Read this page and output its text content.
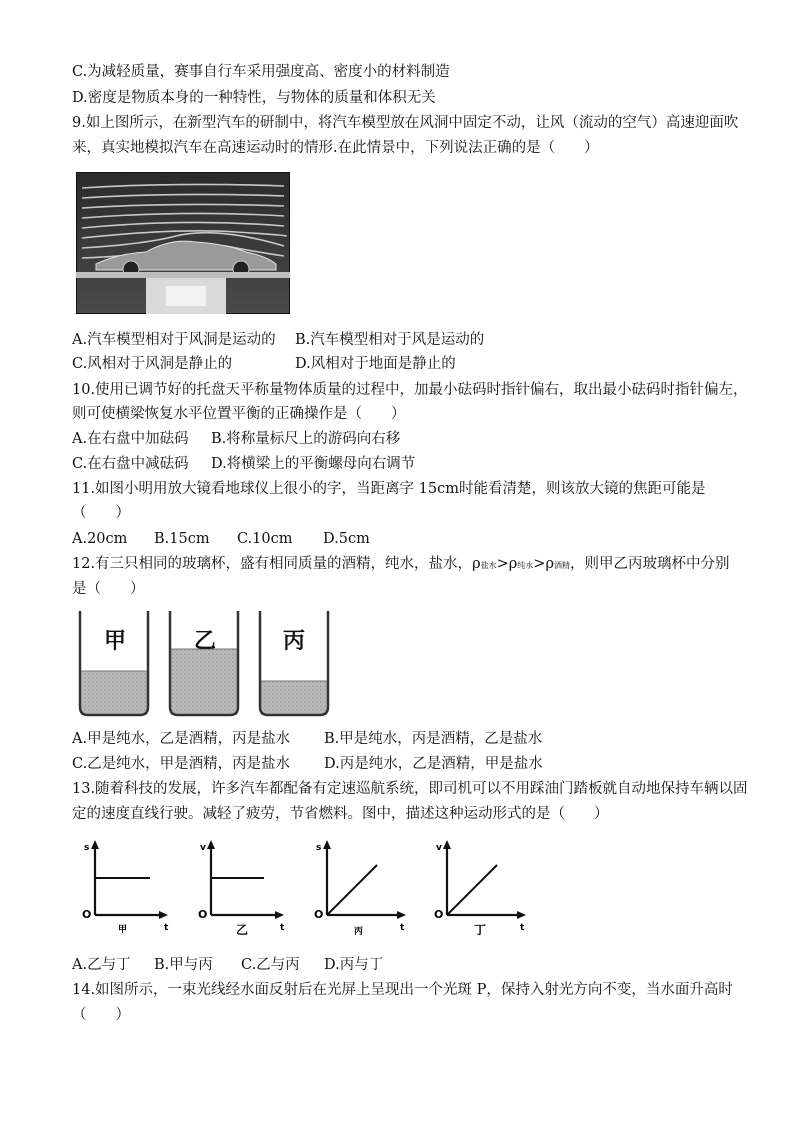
C.为减轻质量，赛事自行车采用强度高、密度小的材料制造
D.密度是物质本身的一种特性，与物体的质量和体积无关
9.如上图所示，在新型汽车的研制中，将汽车模型放在风洞中固定不动，让风（流动的空气）高速迎面吹
来，真实地模拟汽车在高速运动时的情形.在此情景中，下列说法正确的是（　　）
A.汽车模型相对于风洞是运动的 B.汽车模型相对于风是运动的
C.风相对于风洞是静止的	D.风相对于地面是静止的
10.使用已调节好的托盘天平称量物体质量的过程中，加最小砝码时指针偏右，取出最小砝码时指针偏左，
则可使横梁恢复水平位置平衡的正确操作是（　　）
A.在右盘中加砝码 B.将称量标尺上的游码向右移
C.在右盘中减砝码 D.将横梁上的平衡螺母向右调节
11.如图小明用放大镜看地球仪上很小的字，当距离字 15cm时能看清楚，则该放大镜的焦距可能是
（　　）
A.20cm B.15cm C.10cm D.5cm
12.有三只相同的玻璃杯，盛有相同质量的酒精，纯水，盐水，ρ盐水>ρ纯水>ρ酒精，则甲乙丙玻璃杯中分别
是（　　）
甲	乙	丙
A.甲是纯水，乙是酒精，丙是盐水 B.甲是纯水，丙是酒精，乙是盐水
C.乙是纯水，甲是酒精，丙是盐水 D.丙是纯水，乙是酒精，甲是盐水
13.随着科技的发展，许多汽车都配备有定速巡航系统，即司机可以不用踩油门踏板就自动地保持车辆以固
定的速度直线行驶。减轻了疲劳，节省燃料。图中，描述这种运动形式的是（　　）
s
O
t
甲
v
O
t
乙
s
O
t
丙
v
O
t
丁
A.乙与丁 B.甲与丙 C.乙与丙 D.丙与丁
14.如图所示，一束光线经水面反射后在光屏上呈现出一个光斑 P，保持入射光方向不变，当水面升高时
（　　）
